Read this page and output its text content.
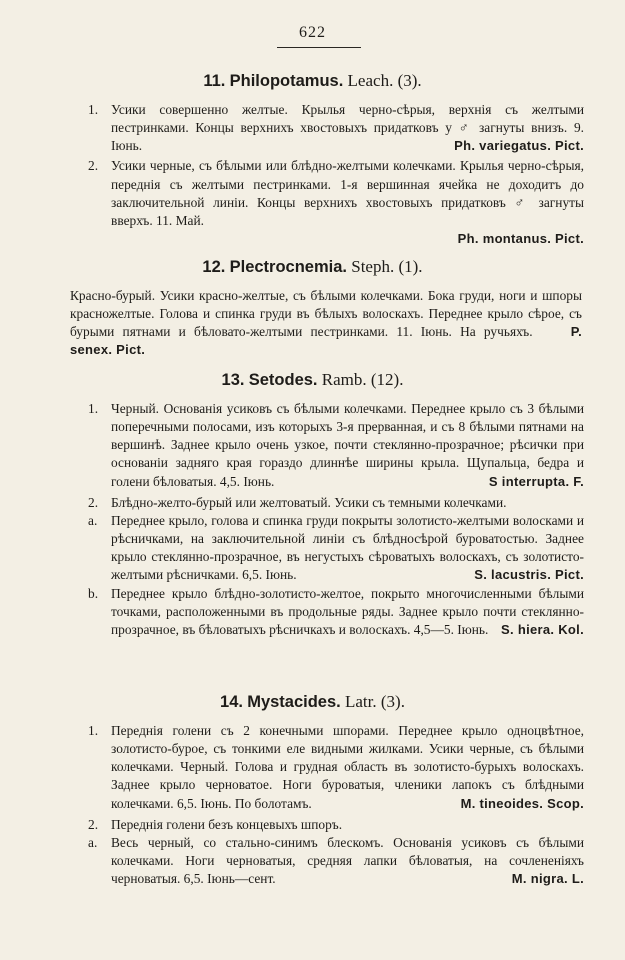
622
11. Philopotamus. Leach. (3).
1. Усики совершенно желтые. Крылья черно-сѣрыя, верхнія съ желтыми пестринками. Концы верхнихъ хвостовыхъ придатковъ у ♂ загнуты внизъ. 9. Іюнь.	Ph. variegatus. Pict.
2. Усики черные, съ бѣлыми или блѣдно-желтыми колечками. Крылья черно-сѣрыя, переднія съ желтыми пестринками. 1-я вершинная ячейка не доходитъ до заключительной линіи. Концы верхнихъ хвостовыхъ придатковъ ♂ загнуты вверхъ. 11. Май.
Ph. montanus. Pict.
12. Plectrocnemia. Steph. (1).
Красно-бурый. Усики красно-желтые, съ бѣлыми колечками. Бока груди, ноги и шпоры красножелтые. Голова и спинка груди въ бѣлыхъ волоскахъ. Переднее крыло сѣрое, съ бурыми пятнами и бѣловато-желтыми пестринками. 11. Іюнь. На ручьяхъ.	P. senex. Pict.
13. Setodes. Ramb. (12).
1. Черный. Основанія усиковъ съ бѣлыми колечками. Переднее крыло съ 3 бѣлыми поперечными полосами, изъ которыхъ 3-я прерванная, и съ 8 бѣлыми пятнами на вершинѣ. Заднее крыло очень узкое, почти стеклянно-прозрачное; рѣсички при основаніи задняго края гораздо длиннѣе ширины крыла. Щупальца, бедра и голени бѣловатыя. 4,5. Іюнь.	S interrupta. F.
2. Блѣдно-желто-бурый или желтоватый. Усики съ темными колечками.
a. Переднее крыло, голова и спинка груди покрыты золотисто-желтыми волосками и рѣсничками, на заключительной линіи съ блѣдносѣрой буроватостью. Заднее крыло стеклянно-прозрачное, въ негустыхъ сѣроватыхъ волоскахъ, съ золотисто-желтыми рѣсничками. 6,5. Іюнь.	S. lacustris. Pict.
b. Переднее крыло блѣдно-золотисто-желтое, покрыто многочисленными бѣлыми точками, расположенными въ продольные ряды. Заднее крыло почти стеклянно-прозрачное, въ бѣловатыхъ рѣсничкахъ и волоскахъ. 4,5—5. Іюнь. S. hiera. Kol.
14. Mystacides. Latr. (3).
1. Переднія голени съ 2 конечными шпорами. Переднее крыло одноцвѣтное, золотисто-бурое, съ тонкими еле видными жилками. Усики черные, съ бѣлыми колечками. Черный. Голова и грудная область въ золотисто-бурыхъ волоскахъ. Заднее крыло черноватое. Ноги буроватыя, членики лапокъ съ блѣдными колечками. 6,5. Іюнь. По болотамъ.	M. tineoides. Scop.
2. Переднія голени безъ концевыхъ шпоръ.
a. Весь черный, со стально-синимъ блескомъ. Основанія усиковъ съ бѣлыми колечками. Ноги черноватыя, средняя лапки бѣловатыя, на сочлененіяхъ черноватыя. 6,5. Іюнь—сент.	M. nigra. L.
